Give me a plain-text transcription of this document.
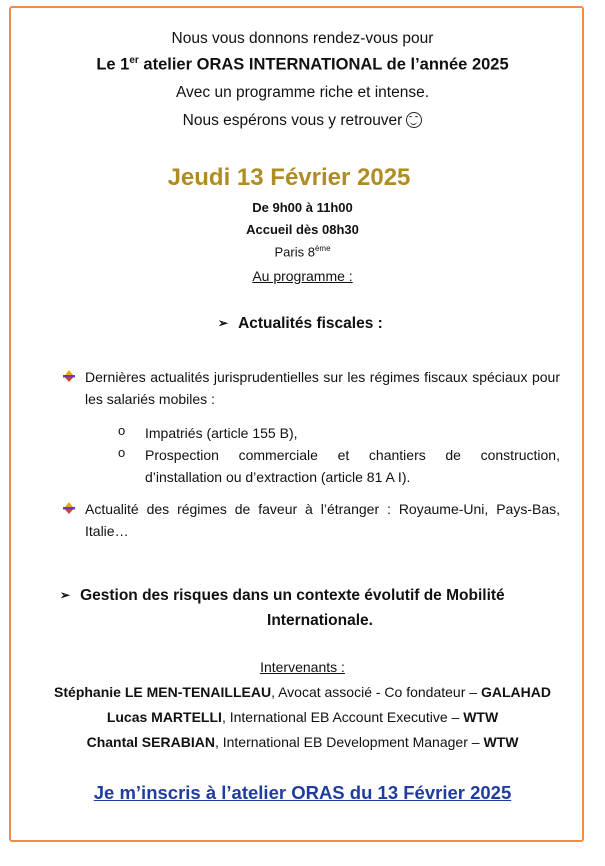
Nous vous donnons rendez-vous pour
Le 1er atelier ORAS INTERNATIONAL de l’année 2025
Avec un programme riche et intense.
Nous espérons vous y retrouver
Jeudi 13 Février 2025
De 9h00 à 11h00
Accueil dès 08h30
Paris 8ème
Au programme :
➢ Actualités fiscales :
Dernières actualités jurisprudentielles sur les régimes fiscaux spéciaux pour les salariés mobiles :
o Impatriés (article 155 B),
o Prospection commerciale et chantiers de construction, d’installation ou d’extraction (article 81 A I).
Actualité des régimes de faveur à l’étranger : Royaume-Uni, Pays-Bas, Italie…
➢ Gestion des risques dans un contexte évolutif de Mobilité
Internationale.
Intervenants :
Stéphanie LE MEN-TENAILLEAU, Avocat associé - Co fondateur – GALAHAD
Lucas MARTELLI, International EB Account Executive – WTW
Chantal SERABIAN, International EB Development Manager – WTW
Je m’inscris à l’atelier ORAS du 13 Février 2025
